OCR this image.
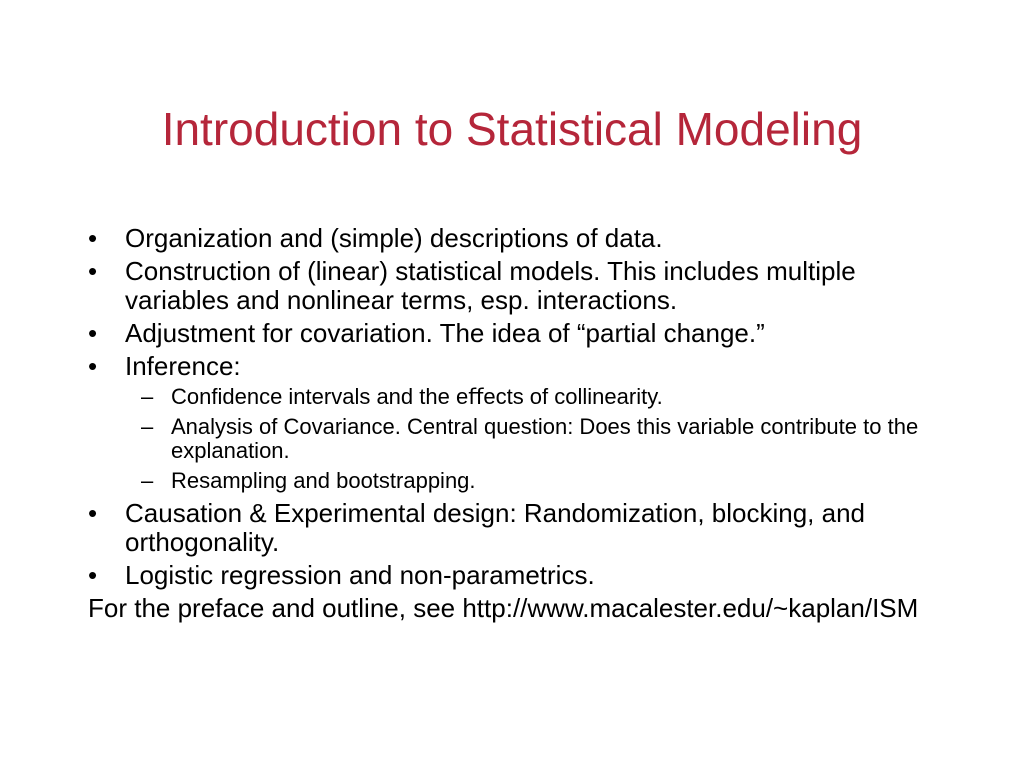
Introduction to Statistical Modeling
• Organization and (simple) descriptions of data.
• Construction of (linear) statistical models. This includes multiple variables and nonlinear terms, esp. interactions.
• Adjustment for covariation. The idea of “partial change.”
• Inference:
– Confidence intervals and the eﬀects of collinearity.
– Analysis of Covariance. Central question: Does this variable contribute to the explanation.
– Resampling and bootstrapping.
• Causation & Experimental design: Randomization, blocking, and orthogonality.
• Logistic regression and non-parametrics.
For the preface and outline, see http://www.macalester.edu/~kaplan/ISM
